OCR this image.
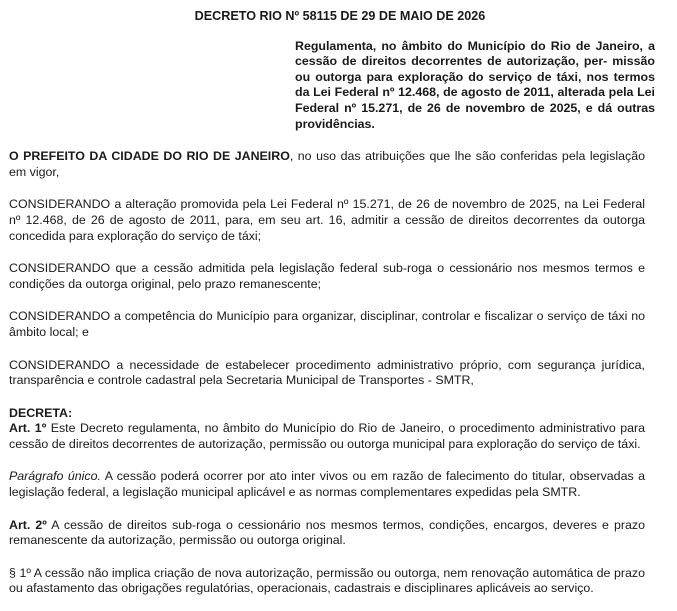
DECRETO RIO Nº 58115 DE 29 DE MAIO DE 2026
Regulamenta, no âmbito do Município do Rio de Janeiro, a cessão de direitos decorrentes de autorização, per- missão ou outorga para exploração do serviço de táxi, nos termos da Lei Federal nº 12.468, de agosto de 2011, alterada pela Lei Federal nº 15.271, de 26 de novembro de 2025, e dá outras providências.
O PREFEITO DA CIDADE DO RIO DE JANEIRO, no uso das atribuições que lhe são conferidas pela legislação em vigor,
CONSIDERANDO a alteração promovida pela Lei Federal nº 15.271, de 26 de novembro de 2025, na Lei Federal nº 12.468, de 26 de agosto de 2011, para, em seu art. 16, admitir a cessão de direitos decorrentes da outorga concedida para exploração do serviço de táxi;
CONSIDERANDO que a cessão admitida pela legislação federal sub-roga o cessionário nos mesmos termos e condições da outorga original, pelo prazo remanescente;
CONSIDERANDO a competência do Município para organizar, disciplinar, controlar e fiscalizar o serviço de táxi no âmbito local; e
CONSIDERANDO a necessidade de estabelecer procedimento administrativo próprio, com segurança jurídica, transparência e controle cadastral pela Secretaria Municipal de Transportes - SMTR,
DECRETA:
Art. 1º Este Decreto regulamenta, no âmbito do Município do Rio de Janeiro, o procedimento administrativo para cessão de direitos decorrentes de autorização, permissão ou outorga municipal para exploração do serviço de táxi.
Parágrafo único. A cessão poderá ocorrer por ato inter vivos ou em razão de falecimento do titular, observadas a legislação federal, a legislação municipal aplicável e as normas complementares expedidas pela SMTR.
Art. 2º A cessão de direitos sub-roga o cessionário nos mesmos termos, condições, encargos, deveres e prazo remanescente da autorização, permissão ou outorga original.
§ 1º A cessão não implica criação de nova autorização, permissão ou outorga, nem renovação automática de prazo ou afastamento das obrigações regulatórias, operacionais, cadastrais e disciplinares aplicáveis ao serviço.
